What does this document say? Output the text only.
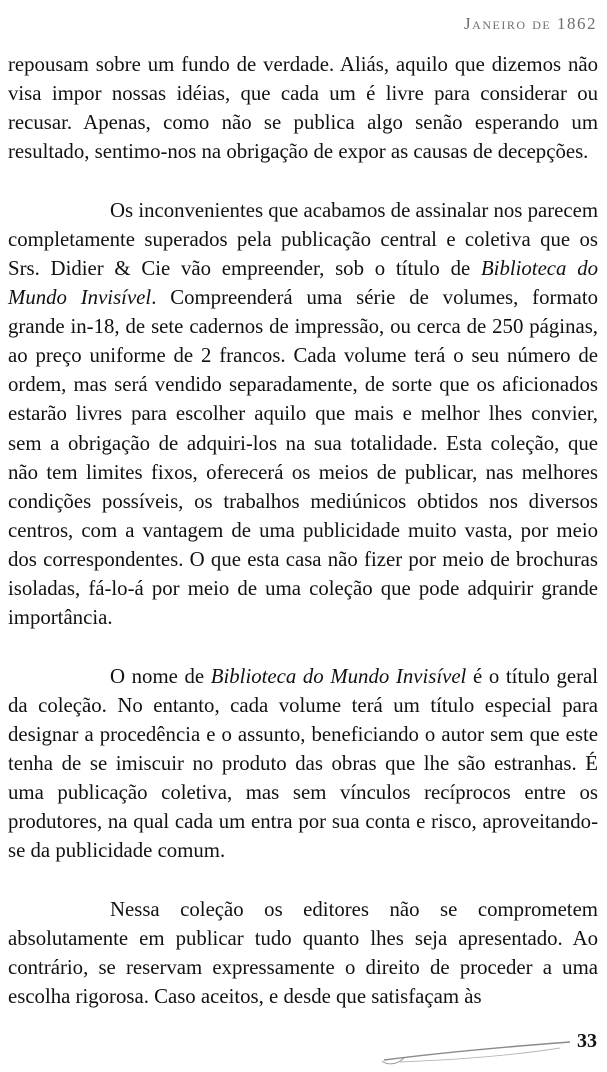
Janeiro de 1862

repousam sobre um fundo de verdade. Aliás, aquilo que dizemos não visa impor nossas idéias, que cada um é livre para considerar ou recusar. Apenas, como não se publica algo senão esperando um resultado, sentimo-nos na obrigação de expor as causas de decepções.

Os inconvenientes que acabamos de assinalar nos parecem completamente superados pela publicação central e coletiva que os Srs. Didier & Cie vão empreender, sob o título de Biblioteca do Mundo Invisível. Compreenderá uma série de volumes, formato grande in-18, de sete cadernos de impressão, ou cerca de 250 páginas, ao preço uniforme de 2 francos. Cada volume terá o seu número de ordem, mas será vendido separadamente, de sorte que os aficionados estarão livres para escolher aquilo que mais e melhor lhes convier, sem a obrigação de adquiri-los na sua totalidade. Esta coleção, que não tem limites fixos, oferecerá os meios de publicar, nas melhores condições possíveis, os trabalhos mediúnicos obtidos nos diversos centros, com a vantagem de uma publicidade muito vasta, por meio dos correspondentes. O que esta casa não fizer por meio de brochuras isoladas, fá-lo-á por meio de uma coleção que pode adquirir grande importância.

O nome de Biblioteca do Mundo Invisível é o título geral da coleção. No entanto, cada volume terá um título especial para designar a procedência e o assunto, beneficiando o autor sem que este tenha de se imiscuir no produto das obras que lhe são estranhas. É uma publicação coletiva, mas sem vínculos recíprocos entre os produtores, na qual cada um entra por sua conta e risco, aproveitando-se da publicidade comum.

Nessa coleção os editores não se comprometem absolutamente em publicar tudo quanto lhes seja apresentado. Ao contrário, se reservam expressamente o direito de proceder a uma escolha rigorosa. Caso aceitos, e desde que satisfaçam às

33
